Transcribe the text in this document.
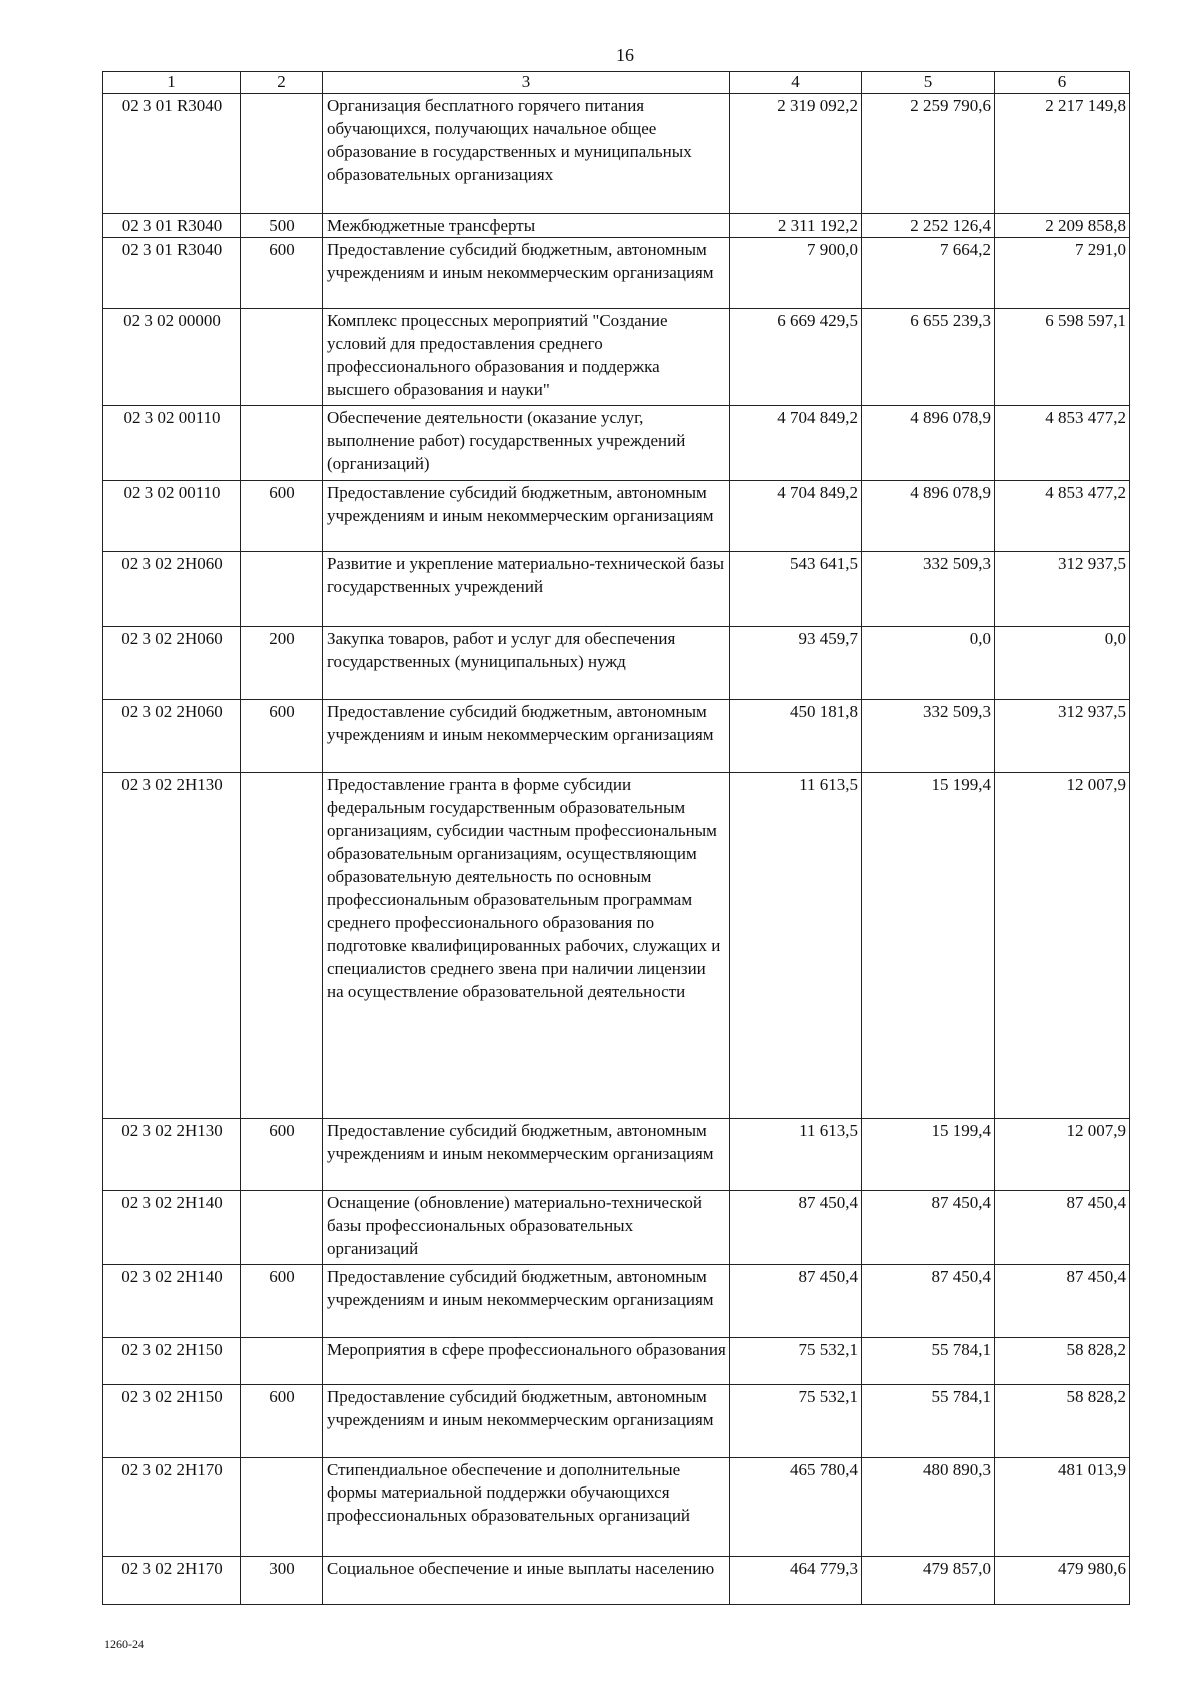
16
1	2	3	4	5	6
02 3 01 R3040		Организация бесплатного горячего питания обучающихся, получающих начальное общее образование в государственных и муниципальных образовательных организациях	2 319 092,2	2 259 790,6	2 217 149,8
02 3 01 R3040	500	Межбюджетные трансферты	2 311 192,2	2 252 126,4	2 209 858,8
02 3 01 R3040	600	Предоставление субсидий бюджетным, автономным учреждениям и иным некоммерческим организациям	7 900,0	7 664,2	7 291,0
02 3 02 00000		Комплекс процессных мероприятий "Создание условий для предоставления среднего профессионального образования и поддержка высшего образования и науки"	6 669 429,5	6 655 239,3	6 598 597,1
02 3 02 00110		Обеспечение деятельности (оказание услуг, выполнение работ) государственных учреждений (организаций)	4 704 849,2	4 896 078,9	4 853 477,2
02 3 02 00110	600	Предоставление субсидий бюджетным, автономным учреждениям и иным некоммерческим организациям	4 704 849,2	4 896 078,9	4 853 477,2
02 3 02 2Н060		Развитие и укрепление материально-технической базы государственных учреждений	543 641,5	332 509,3	312 937,5
02 3 02 2Н060	200	Закупка товаров, работ и услуг для обеспечения государственных (муниципальных) нужд	93 459,7	0,0	0,0
02 3 02 2Н060	600	Предоставление субсидий бюджетным, автономным учреждениям и иным некоммерческим организациям	450 181,8	332 509,3	312 937,5
02 3 02 2Н130		Предоставление гранта в форме субсидии федеральным государственным образовательным организациям, субсидии частным профессиональным образовательным организациям, осуществляющим образовательную деятельность по основным профессиональным образовательным программам среднего профессионального образования по подготовке квалифицированных рабочих, служащих и специалистов среднего звена при наличии лицензии на осуществление образовательной деятельности	11 613,5	15 199,4	12 007,9
02 3 02 2Н130	600	Предоставление субсидий бюджетным, автономным учреждениям и иным некоммерческим организациям	11 613,5	15 199,4	12 007,9
02 3 02 2Н140		Оснащение (обновление) материально-технической базы профессиональных образовательных организаций	87 450,4	87 450,4	87 450,4
02 3 02 2Н140	600	Предоставление субсидий бюджетным, автономным учреждениям и иным некоммерческим организациям	87 450,4	87 450,4	87 450,4
02 3 02 2Н150		Мероприятия в сфере профессионального образования	75 532,1	55 784,1	58 828,2
02 3 02 2Н150	600	Предоставление субсидий бюджетным, автономным учреждениям и иным некоммерческим организациям	75 532,1	55 784,1	58 828,2
02 3 02 2Н170		Стипендиальное обеспечение и дополнительные формы материальной поддержки обучающихся профессиональных образовательных организаций	465 780,4	480 890,3	481 013,9
02 3 02 2Н170	300	Социальное обеспечение и иные выплаты населению	464 779,3	479 857,0	479 980,6
1260-24
